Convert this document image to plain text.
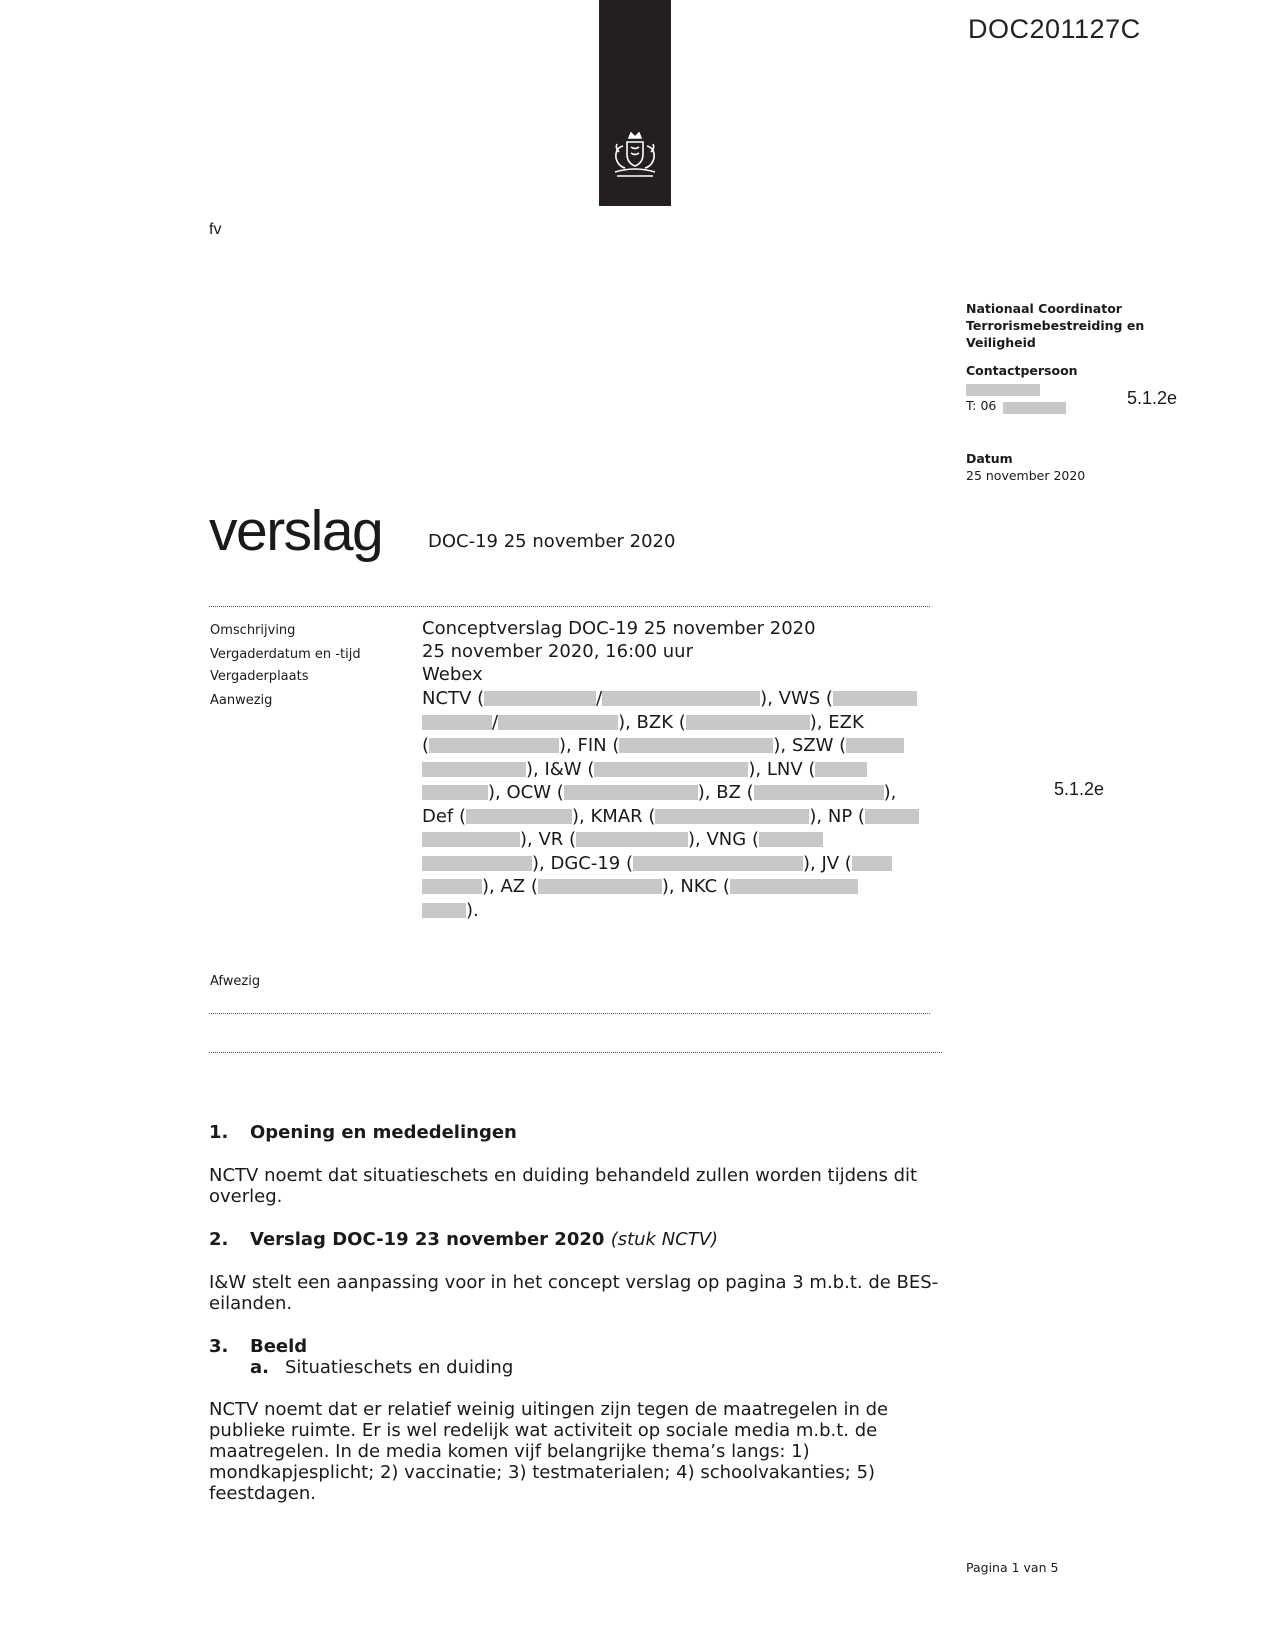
DOC201127C
fv
Nationaal Coordinator
Terrorismebestreiding en
Veiligheid
Contactpersoon
T: 06	5.1.2e
Datum
25 november 2020
verslag	DOC-19 25 november 2020
Omschrijving	Conceptverslag DOC-19 25 november 2020
Vergaderdatum en -tijd	25 november 2020, 16:00 uur
Vergaderplaats	Webex
Aanwezig	NCTV (	/	), VWS (
/	), BZK (	), EZK
(	), FIN (	), SZW (
), I&W (	), LNV (
), OCW (	), BZ (	),
Def (	), KMAR (	), NP (
), VR (	), VNG (
), DGC-19 (	), JV (
), AZ (	), NKC (
).
5.1.2e
Afwezig
1. Opening en mededelingen
NCTV noemt dat situatieschets en duiding behandeld zullen worden tijdens dit overleg.
2. Verslag DOC-19 23 november 2020 (stuk NCTV)
I&W stelt een aanpassing voor in het concept verslag op pagina 3 m.b.t. de BES-eilanden.
3. Beeld
a. Situatieschets en duiding
NCTV noemt dat er relatief weinig uitingen zijn tegen de maatregelen in de publieke ruimte. Er is wel redelijk wat activiteit op sociale media m.b.t. de maatregelen. In de media komen vijf belangrijke thema’s langs: 1) mondkapjesplicht; 2) vaccinatie; 3) testmaterialen; 4) schoolvakanties; 5) feestdagen.
Pagina 1 van 5
